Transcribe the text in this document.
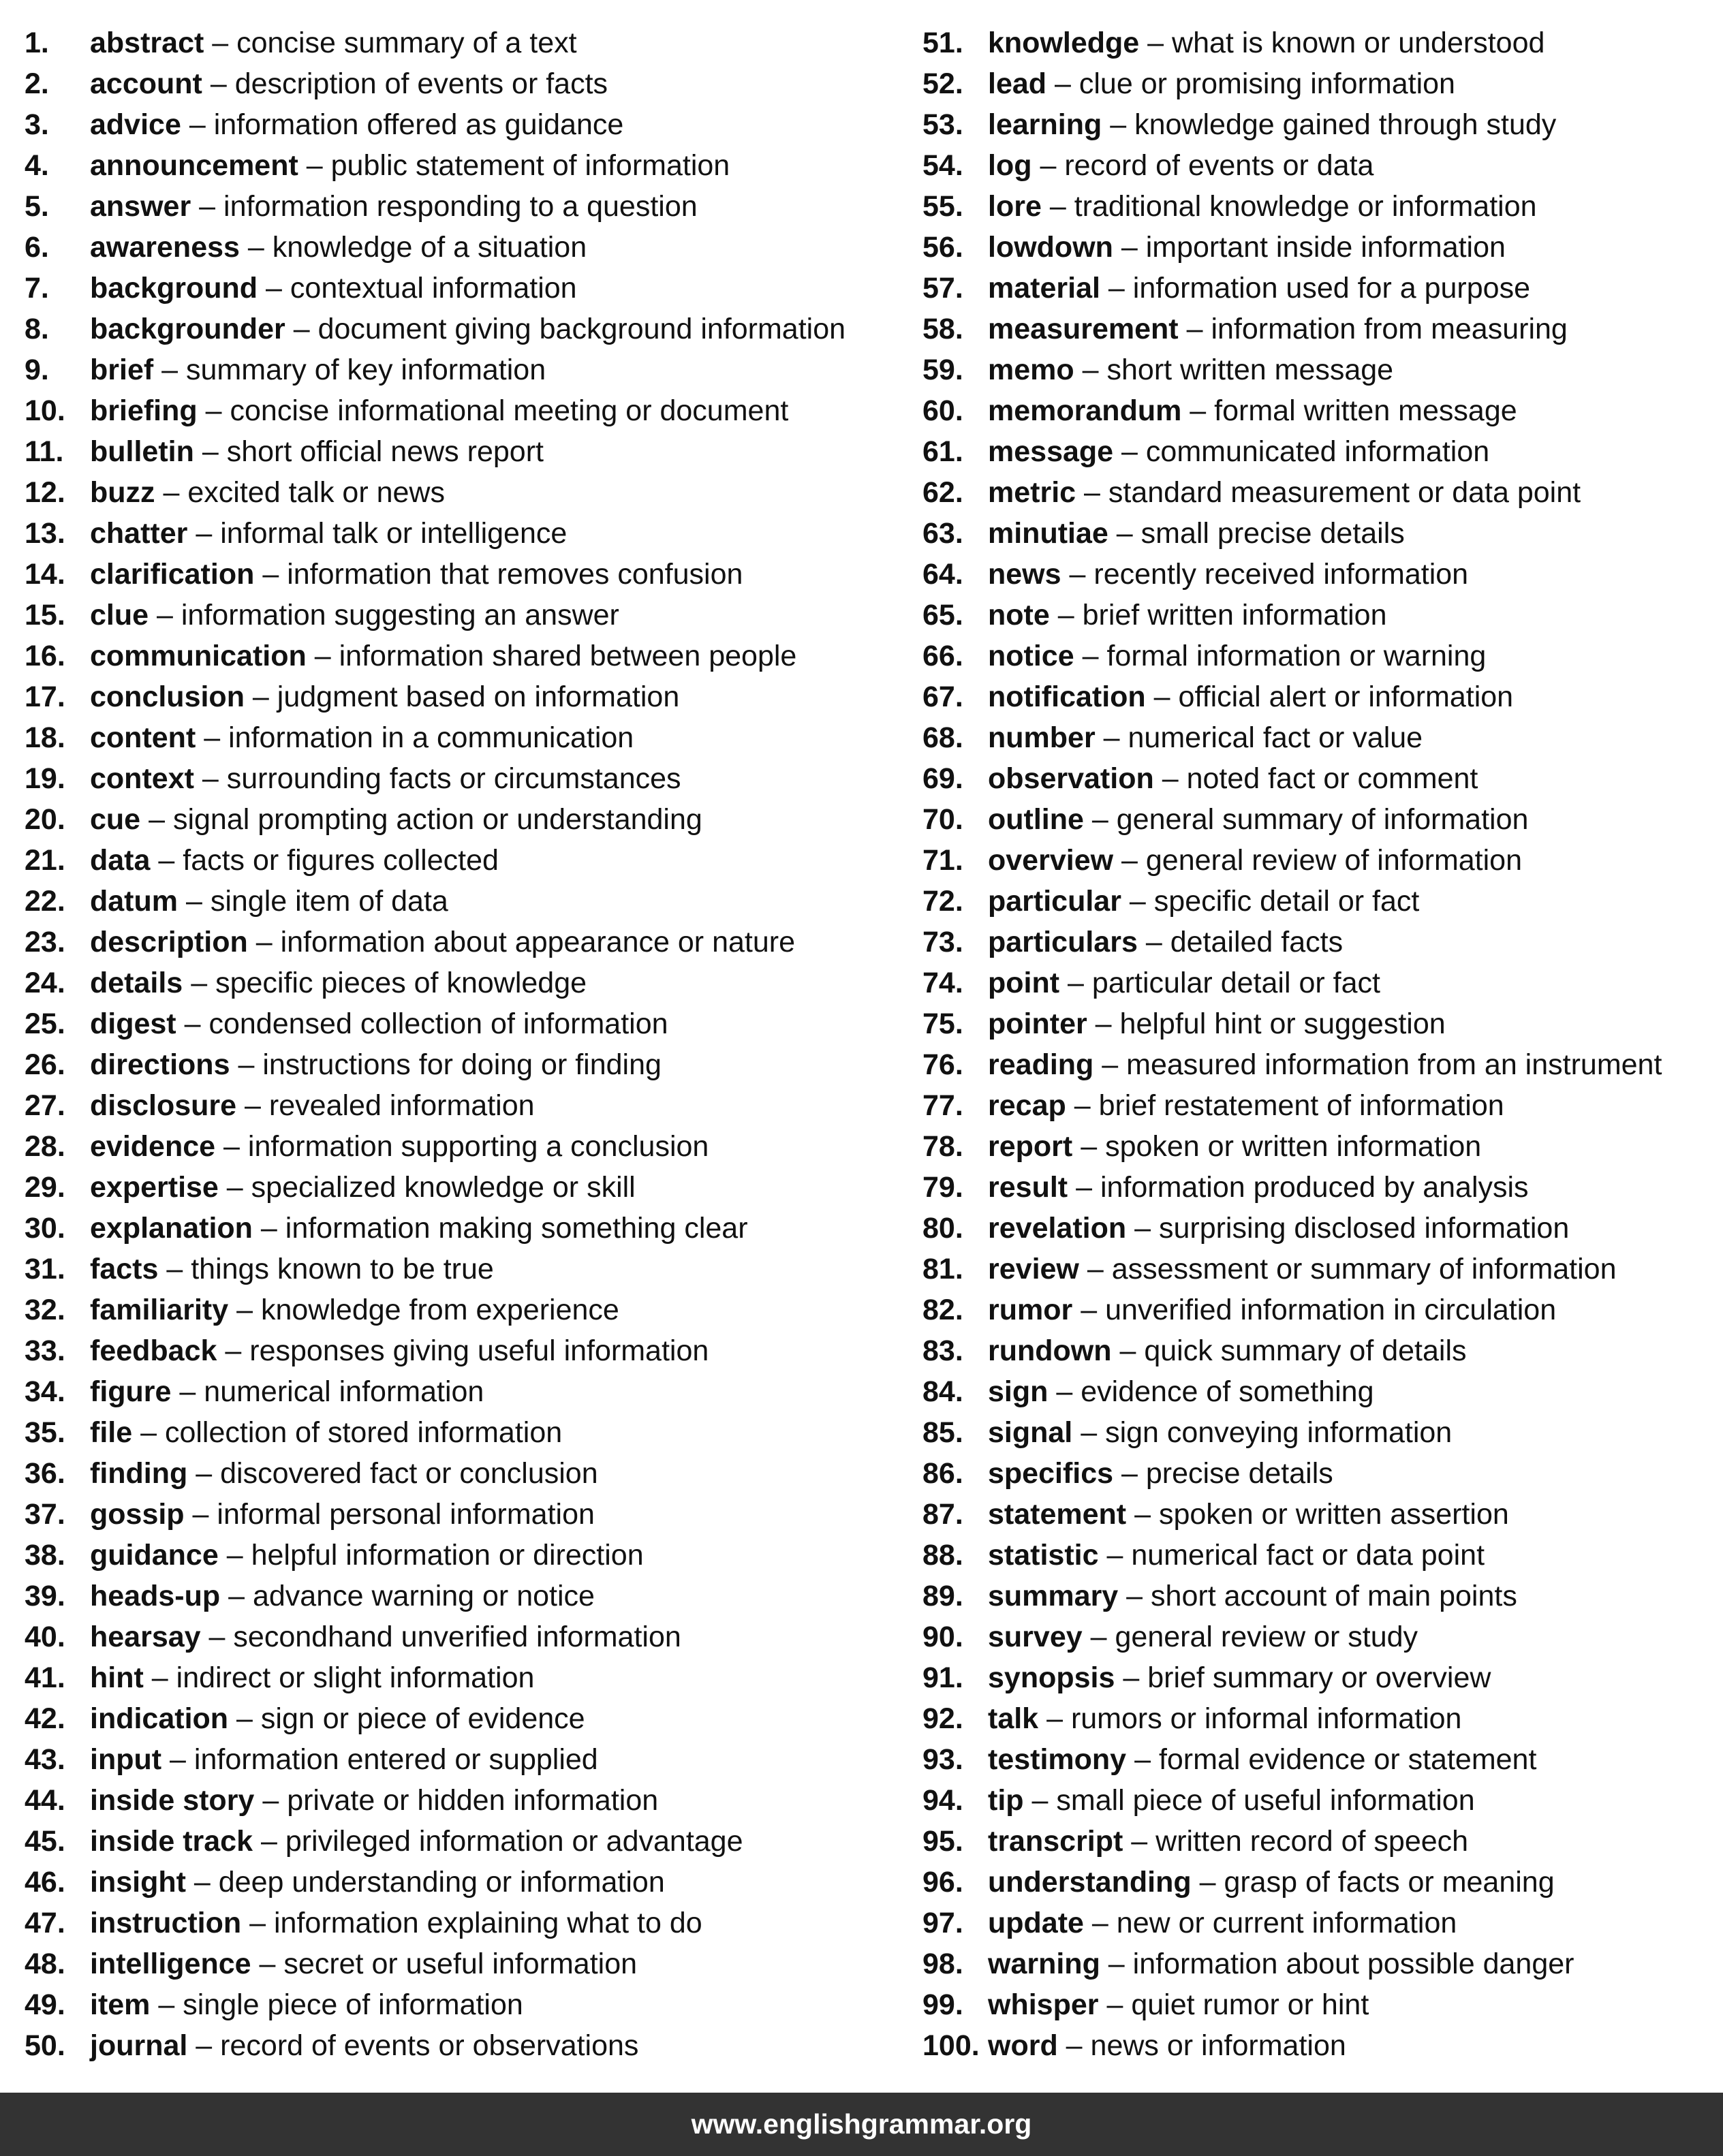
1. abstract – concise summary of a text
2. account – description of events or facts
3. advice – information offered as guidance
4. announcement – public statement of information
5. answer – information responding to a question
6. awareness – knowledge of a situation
7. background – contextual information
8. backgrounder – document giving background information
9. brief – summary of key information
10. briefing – concise informational meeting or document
11. bulletin – short official news report
12. buzz – excited talk or news
13. chatter – informal talk or intelligence
14. clarification – information that removes confusion
15. clue – information suggesting an answer
16. communication – information shared between people
17. conclusion – judgment based on information
18. content – information in a communication
19. context – surrounding facts or circumstances
20. cue – signal prompting action or understanding
21. data – facts or figures collected
22. datum – single item of data
23. description – information about appearance or nature
24. details – specific pieces of knowledge
25. digest – condensed collection of information
26. directions – instructions for doing or finding
27. disclosure – revealed information
28. evidence – information supporting a conclusion
29. expertise – specialized knowledge or skill
30. explanation – information making something clear
31. facts – things known to be true
32. familiarity – knowledge from experience
33. feedback – responses giving useful information
34. figure – numerical information
35. file – collection of stored information
36. finding – discovered fact or conclusion
37. gossip – informal personal information
38. guidance – helpful information or direction
39. heads-up – advance warning or notice
40. hearsay – secondhand unverified information
41. hint – indirect or slight information
42. indication – sign or piece of evidence
43. input – information entered or supplied
44. inside story – private or hidden information
45. inside track – privileged information or advantage
46. insight – deep understanding or information
47. instruction – information explaining what to do
48. intelligence – secret or useful information
49. item – single piece of information
50. journal – record of events or observations
51. knowledge – what is known or understood
52. lead – clue or promising information
53. learning – knowledge gained through study
54. log – record of events or data
55. lore – traditional knowledge or information
56. lowdown – important inside information
57. material – information used for a purpose
58. measurement – information from measuring
59. memo – short written message
60. memorandum – formal written message
61. message – communicated information
62. metric – standard measurement or data point
63. minutiae – small precise details
64. news – recently received information
65. note – brief written information
66. notice – formal information or warning
67. notification – official alert or information
68. number – numerical fact or value
69. observation – noted fact or comment
70. outline – general summary of information
71. overview – general review of information
72. particular – specific detail or fact
73. particulars – detailed facts
74. point – particular detail or fact
75. pointer – helpful hint or suggestion
76. reading – measured information from an instrument
77. recap – brief restatement of information
78. report – spoken or written information
79. result – information produced by analysis
80. revelation – surprising disclosed information
81. review – assessment or summary of information
82. rumor – unverified information in circulation
83. rundown – quick summary of details
84. sign – evidence of something
85. signal – sign conveying information
86. specifics – precise details
87. statement – spoken or written assertion
88. statistic – numerical fact or data point
89. summary – short account of main points
90. survey – general review or study
91. synopsis – brief summary or overview
92. talk – rumors or informal information
93. testimony – formal evidence or statement
94. tip – small piece of useful information
95. transcript – written record of speech
96. understanding – grasp of facts or meaning
97. update – new or current information
98. warning – information about possible danger
99. whisper – quiet rumor or hint
100. word – news or information
www.englishgrammar.org
